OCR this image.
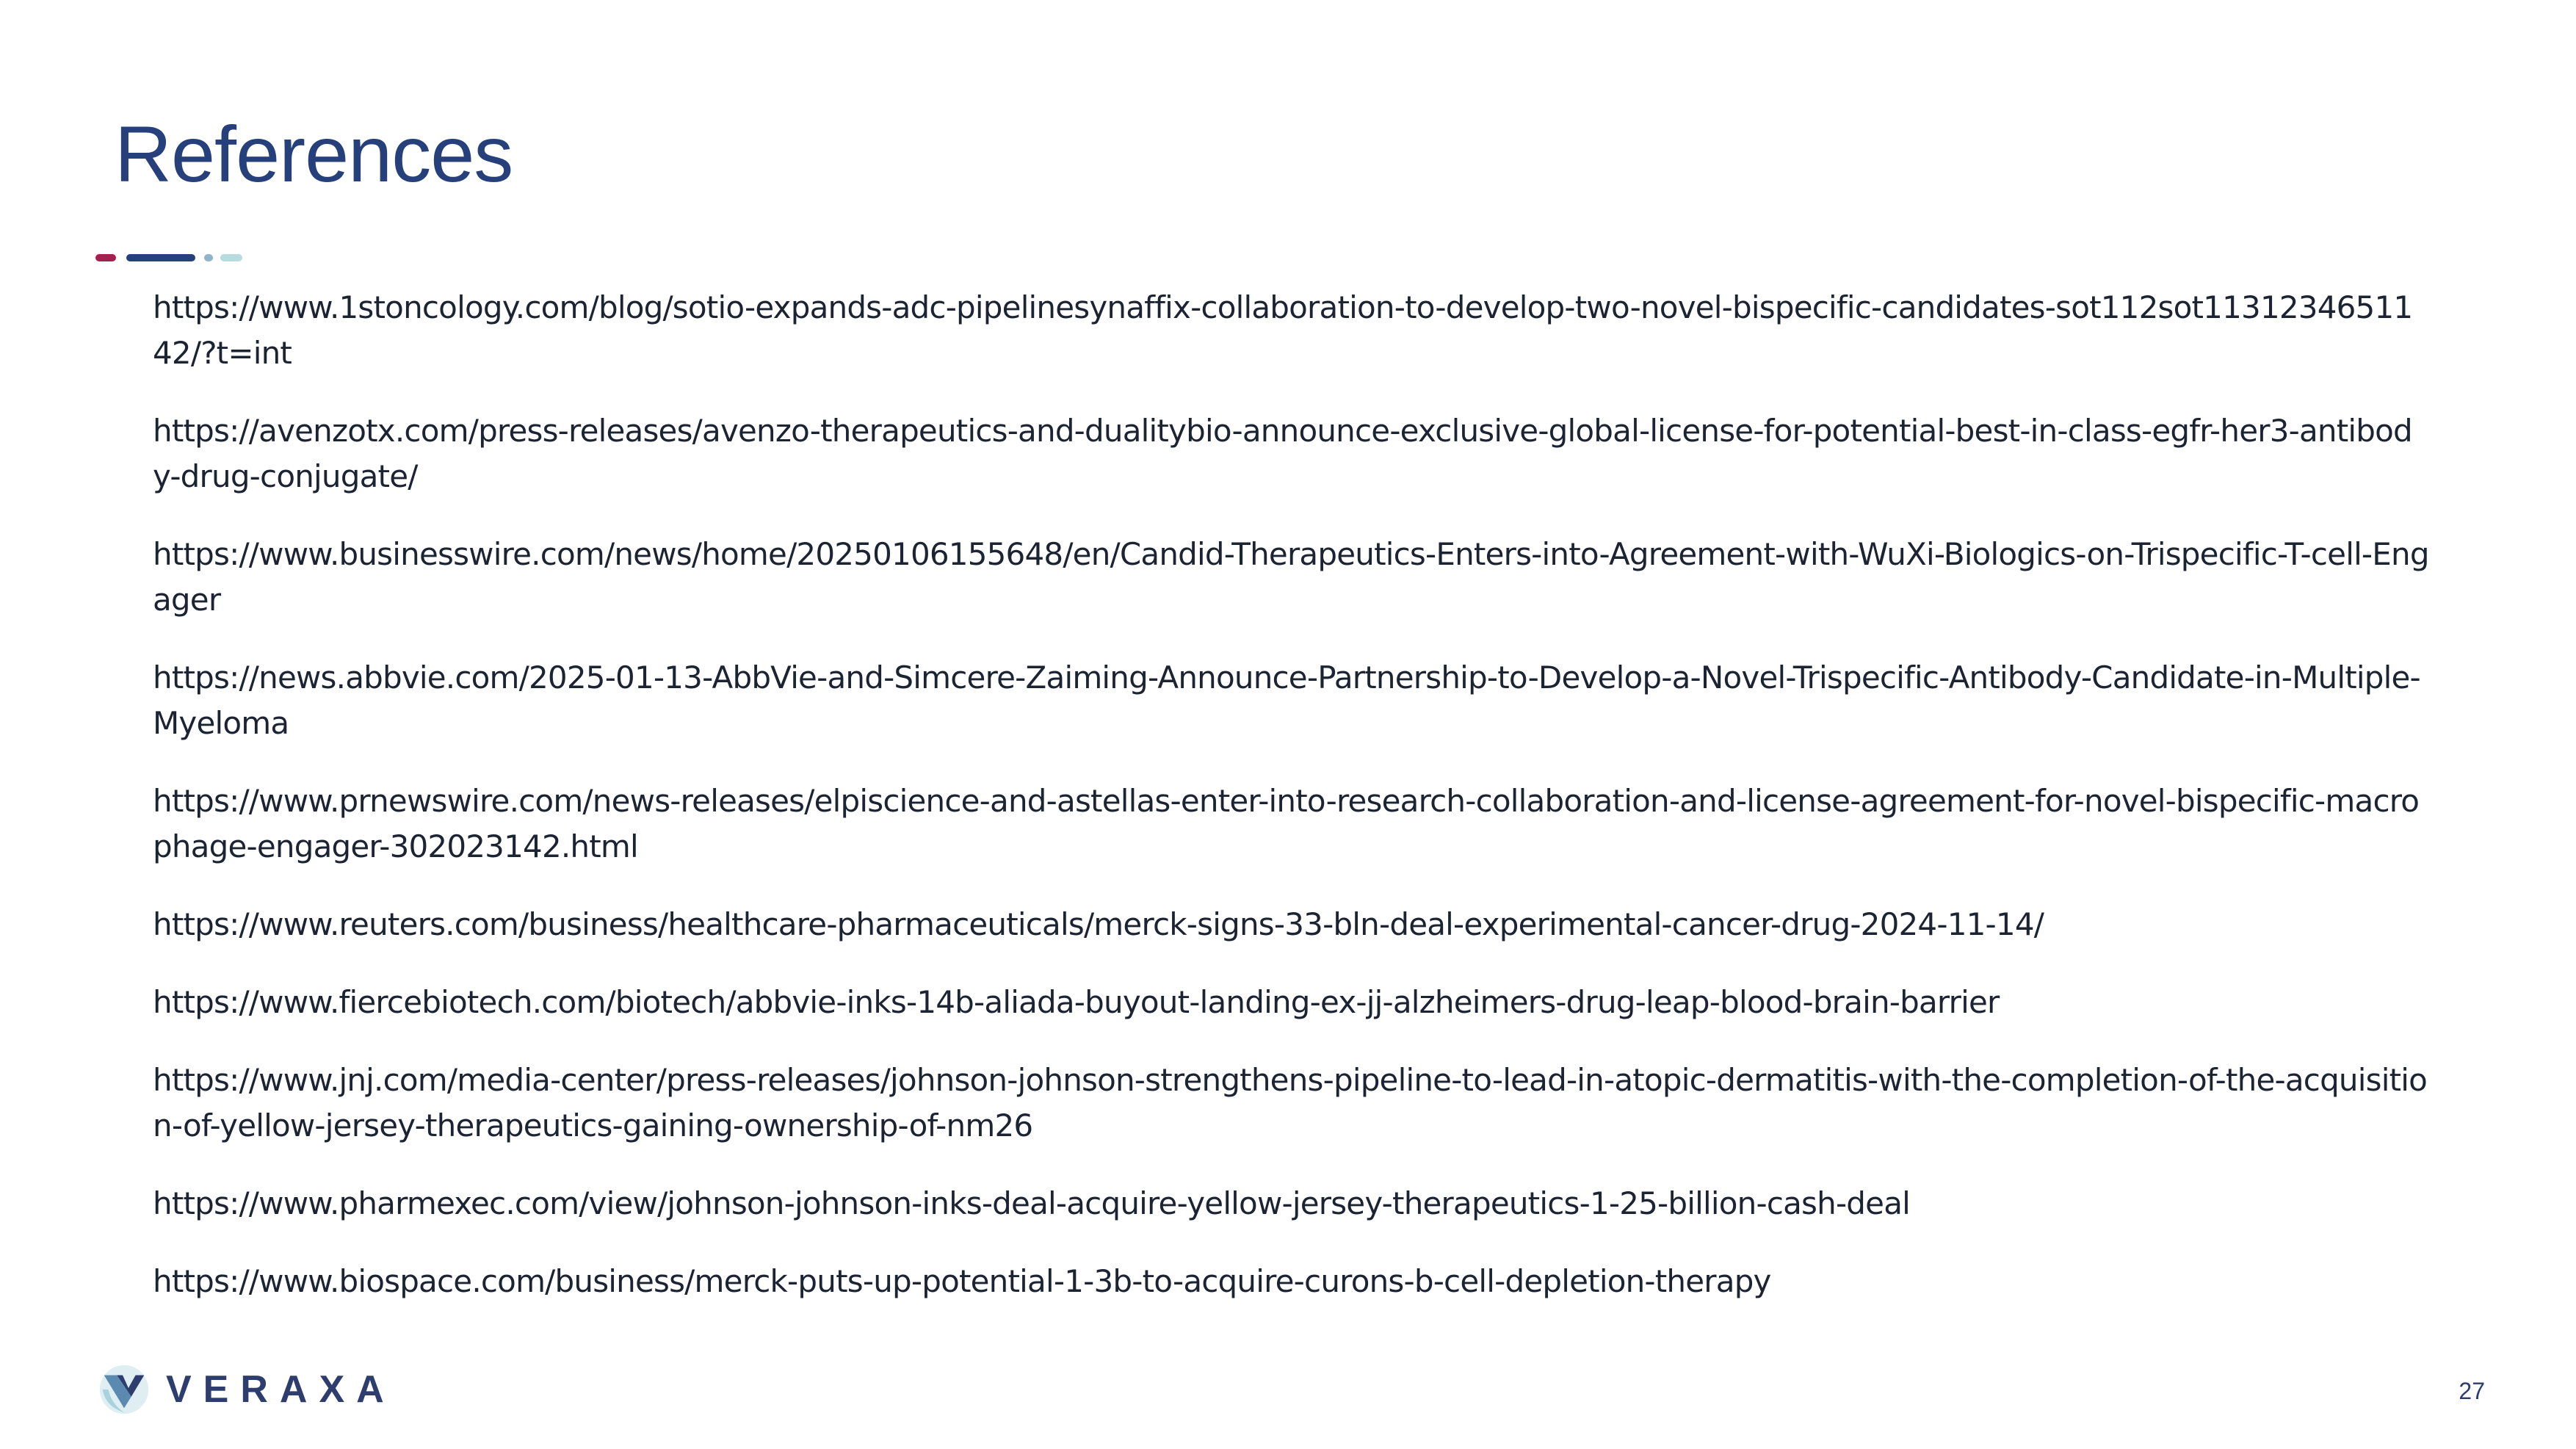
References
https://www.1stoncology.com/blog/sotio-expands-adc-pipelinesynaffix-collaboration-to-develop-two-novel-bispecific-candidates-sot112sot1131234651142/?t=int
https://avenzotx.com/press-releases/avenzo-therapeutics-and-dualitybio-announce-exclusive-global-license-for-potential-best-in-class-egfr-her3-antibody-drug-conjugate/
https://www.businesswire.com/news/home/20250106155648/en/Candid-Therapeutics-Enters-into-Agreement-with-WuXi-Biologics-on-Trispecific-T-cell-Engager
https://news.abbvie.com/2025-01-13-AbbVie-and-Simcere-Zaiming-Announce-Partnership-to-Develop-a-Novel-Trispecific-Antibody-Candidate-in-Multiple-Myeloma
https://www.prnewswire.com/news-releases/elpiscience-and-astellas-enter-into-research-collaboration-and-license-agreement-for-novel-bispecific-macrophage-engager-302023142.html
https://www.reuters.com/business/healthcare-pharmaceuticals/merck-signs-33-bln-deal-experimental-cancer-drug-2024-11-14/
https://www.fiercebiotech.com/biotech/abbvie-inks-14b-aliada-buyout-landing-ex-jj-alzheimers-drug-leap-blood-brain-barrier
https://www.jnj.com/media-center/press-releases/johnson-johnson-strengthens-pipeline-to-lead-in-atopic-dermatitis-with-the-completion-of-the-acquisition-of-yellow-jersey-therapeutics-gaining-ownership-of-nm26
https://www.pharmexec.com/view/johnson-johnson-inks-deal-acquire-yellow-jersey-therapeutics-1-25-billion-cash-deal
https://www.biospace.com/business/merck-puts-up-potential-1-3b-to-acquire-curons-b-cell-depletion-therapy
VERAXA	27
